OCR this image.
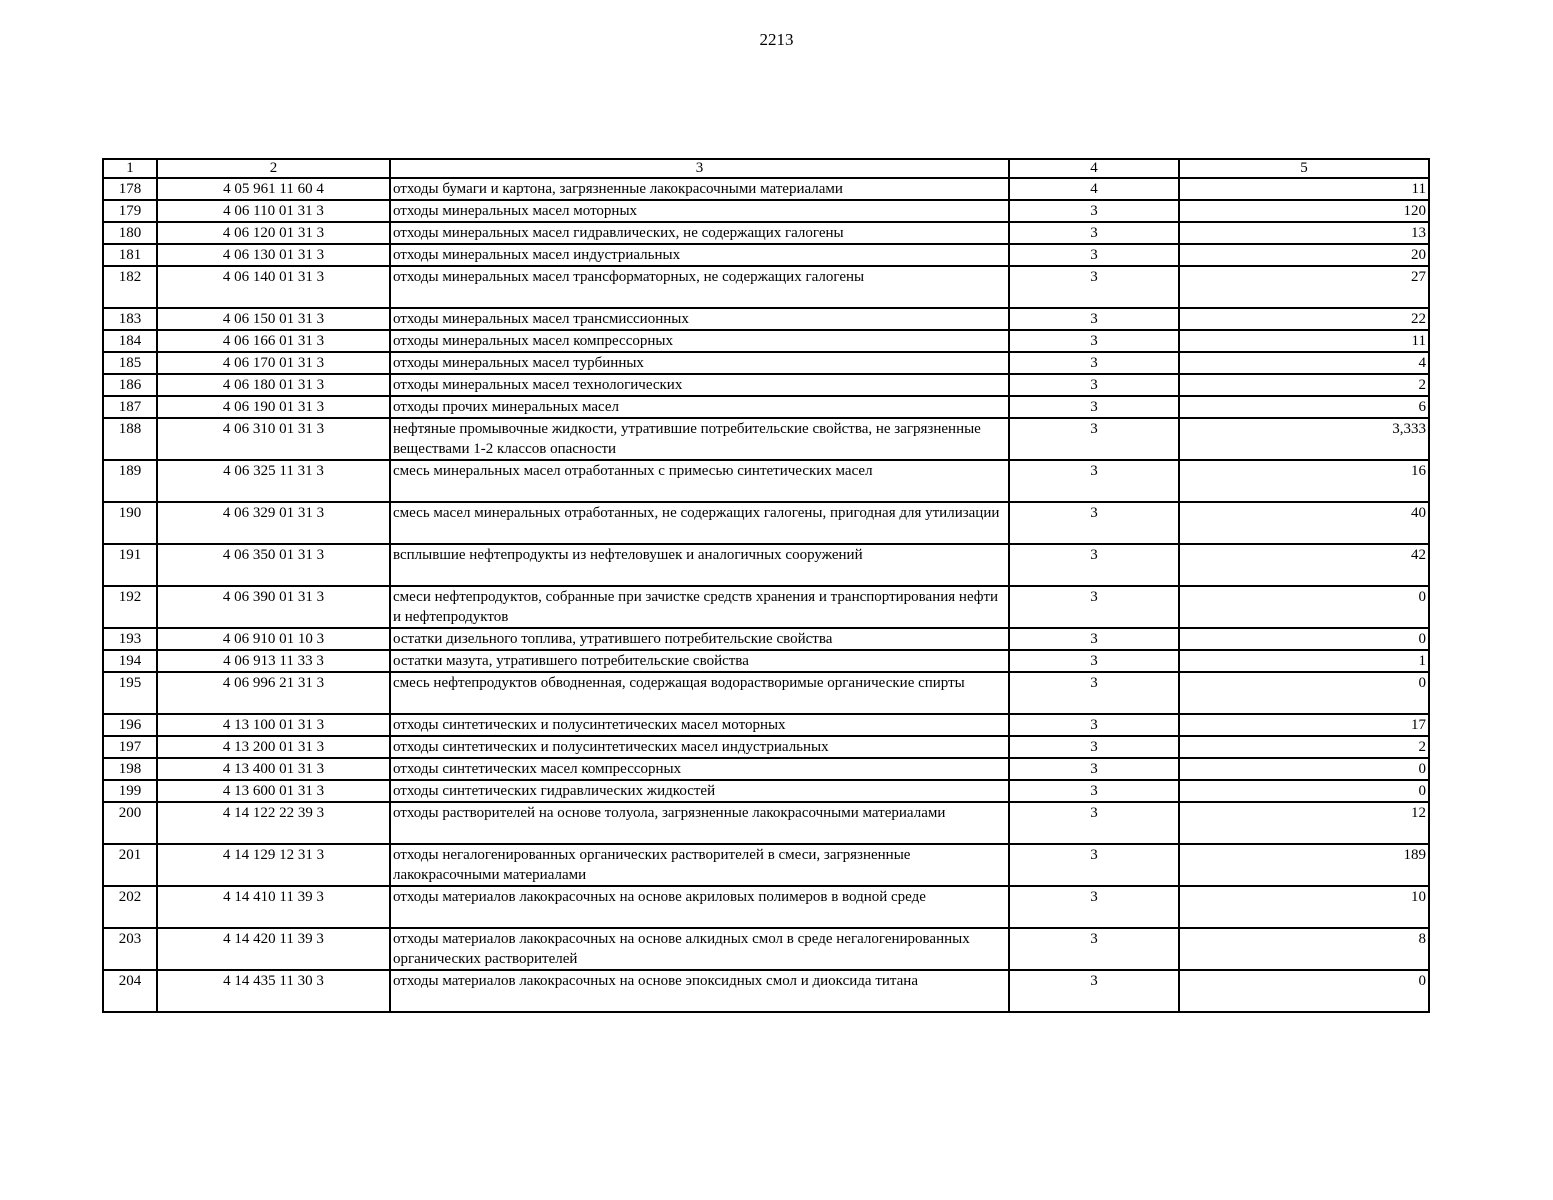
2213
1	2	3	4	5
178	4 05 961 11 60 4	отходы бумаги и картона, загрязненные лакокрасочными материалами	4	11
179	4 06 110 01 31 3	отходы минеральных масел моторных	3	120
180	4 06 120 01 31 3	отходы минеральных масел гидравлических, не содержащих галогены	3	13
181	4 06 130 01 31 3	отходы минеральных масел индустриальных	3	20
182	4 06 140 01 31 3	отходы минеральных масел трансформаторных, не содержащих галогены	3	27
183	4 06 150 01 31 3	отходы минеральных масел трансмиссионных	3	22
184	4 06 166 01 31 3	отходы минеральных масел компрессорных	3	11
185	4 06 170 01 31 3	отходы минеральных масел турбинных	3	4
186	4 06 180 01 31 3	отходы минеральных масел технологических	3	2
187	4 06 190 01 31 3	отходы прочих минеральных масел	3	6
188	4 06 310 01 31 3	нефтяные промывочные жидкости, утратившие потребительские свойства, не загрязненные веществами 1-2 классов опасности	3	3,333
189	4 06 325 11 31 3	смесь минеральных масел отработанных с примесью синтетических масел	3	16
190	4 06 329 01 31 3	смесь масел минеральных отработанных, не содержащих галогены, пригодная для утилизации	3	40
191	4 06 350 01 31 3	всплывшие нефтепродукты из нефтеловушек и аналогичных сооружений	3	42
192	4 06 390 01 31 3	смеси нефтепродуктов, собранные при зачистке средств хранения и транспортирования нефти и нефтепродуктов	3	0
193	4 06 910 01 10 3	остатки дизельного топлива, утратившего потребительские свойства	3	0
194	4 06 913 11 33 3	остатки мазута, утратившего потребительские свойства	3	1
195	4 06 996 21 31 3	смесь нефтепродуктов обводненная, содержащая водорастворимые органические спирты	3	0
196	4 13 100 01 31 3	отходы синтетических и полусинтетических масел моторных	3	17
197	4 13 200 01 31 3	отходы синтетических и полусинтетических масел индустриальных	3	2
198	4 13 400 01 31 3	отходы синтетических масел компрессорных	3	0
199	4 13 600 01 31 3	отходы синтетических гидравлических жидкостей	3	0
200	4 14 122 22 39 3	отходы растворителей на основе толуола, загрязненные лакокрасочными материалами	3	12
201	4 14 129 12 31 3	отходы негалогенированных органических растворителей в смеси, загрязненные лакокрасочными материалами	3	189
202	4 14 410 11 39 3	отходы материалов лакокрасочных на основе акриловых полимеров в водной среде	3	10
203	4 14 420 11 39 3	отходы материалов лакокрасочных на основе алкидных смол в среде негалогенированных органических растворителей	3	8
204	4 14 435 11 30 3	отходы материалов лакокрасочных на основе эпоксидных смол и диоксида титана	3	0
